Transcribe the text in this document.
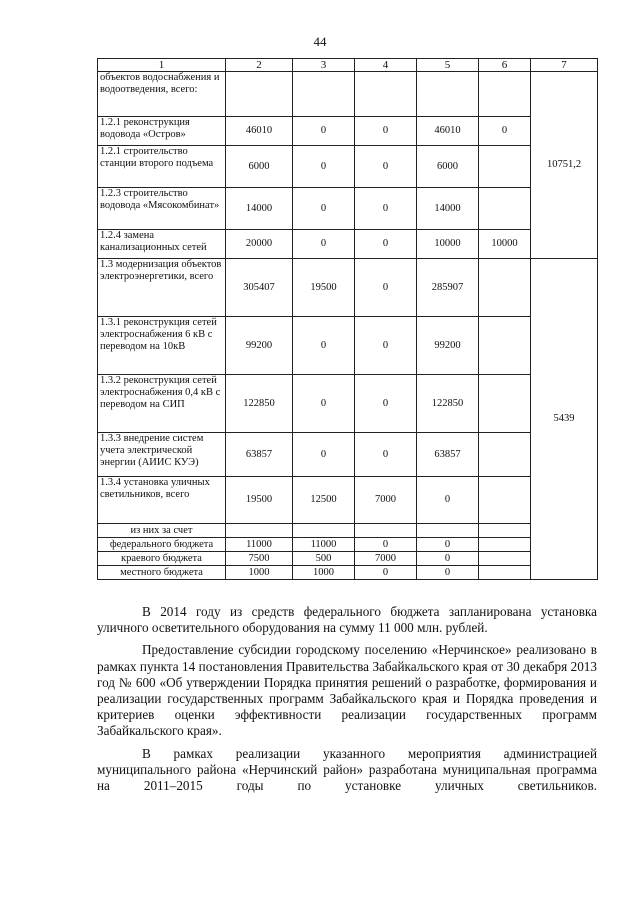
44
1	2	3	4	5	6	7
объектов водоснабжения и водоотведения, всего:						10751,2
1.2.1 реконструкция водовода «Остров»	46010	0	0	46010	0	
1.2.1 строительство станции второго подъема	6000	0	0	6000		
1.2.3 строительство водовода «Мясокомбинат»	14000	0	0	14000		
1.2.4 замена канализационных сетей	20000	0	0	10000	10000	
1.3 модернизация объектов электроэнергетики, всего	305407	19500	0	285907		5439
1.3.1 реконструкция сетей электроснабжения 6 кВ с переводом на 10кВ	99200	0	0	99200		
1.3.2 реконструкция сетей электроснабжения 0,4 кВ с переводом на СИП	122850	0	0	122850		
1.3.3 внедрение систем учета электрической энергии (АИИС КУЭ)	63857	0	0	63857		
1.3.4 установка уличных светильников, всего	19500	12500	7000	0		
из них за счет						
федерального бюджета	11000	11000	0	0		
краевого бюджета	7500	500	7000	0		
местного бюджета	1000	1000	0	0		

В 2014 году из средств федерального бюджета запланирована установка уличного осветительного оборудования на сумму 11 000 млн. рублей.

Предоставление субсидии городскому поселению «Нерчинское» реализовано в рамках пункта 14 постановления Правительства Забайкальского края от 30 декабря 2013 год № 600 «Об утверждении Порядка принятия решений о разработке, формирования и реализации государственных программ Забайкальского края и Порядка проведения и критериев оценки эффективности реализации государственных программ Забайкальского края».

В рамках реализации указанного мероприятия администрацией муниципального района «Нерчинский район» разработана муниципальная программа на 2011–2015 годы по установке уличных светильников.
